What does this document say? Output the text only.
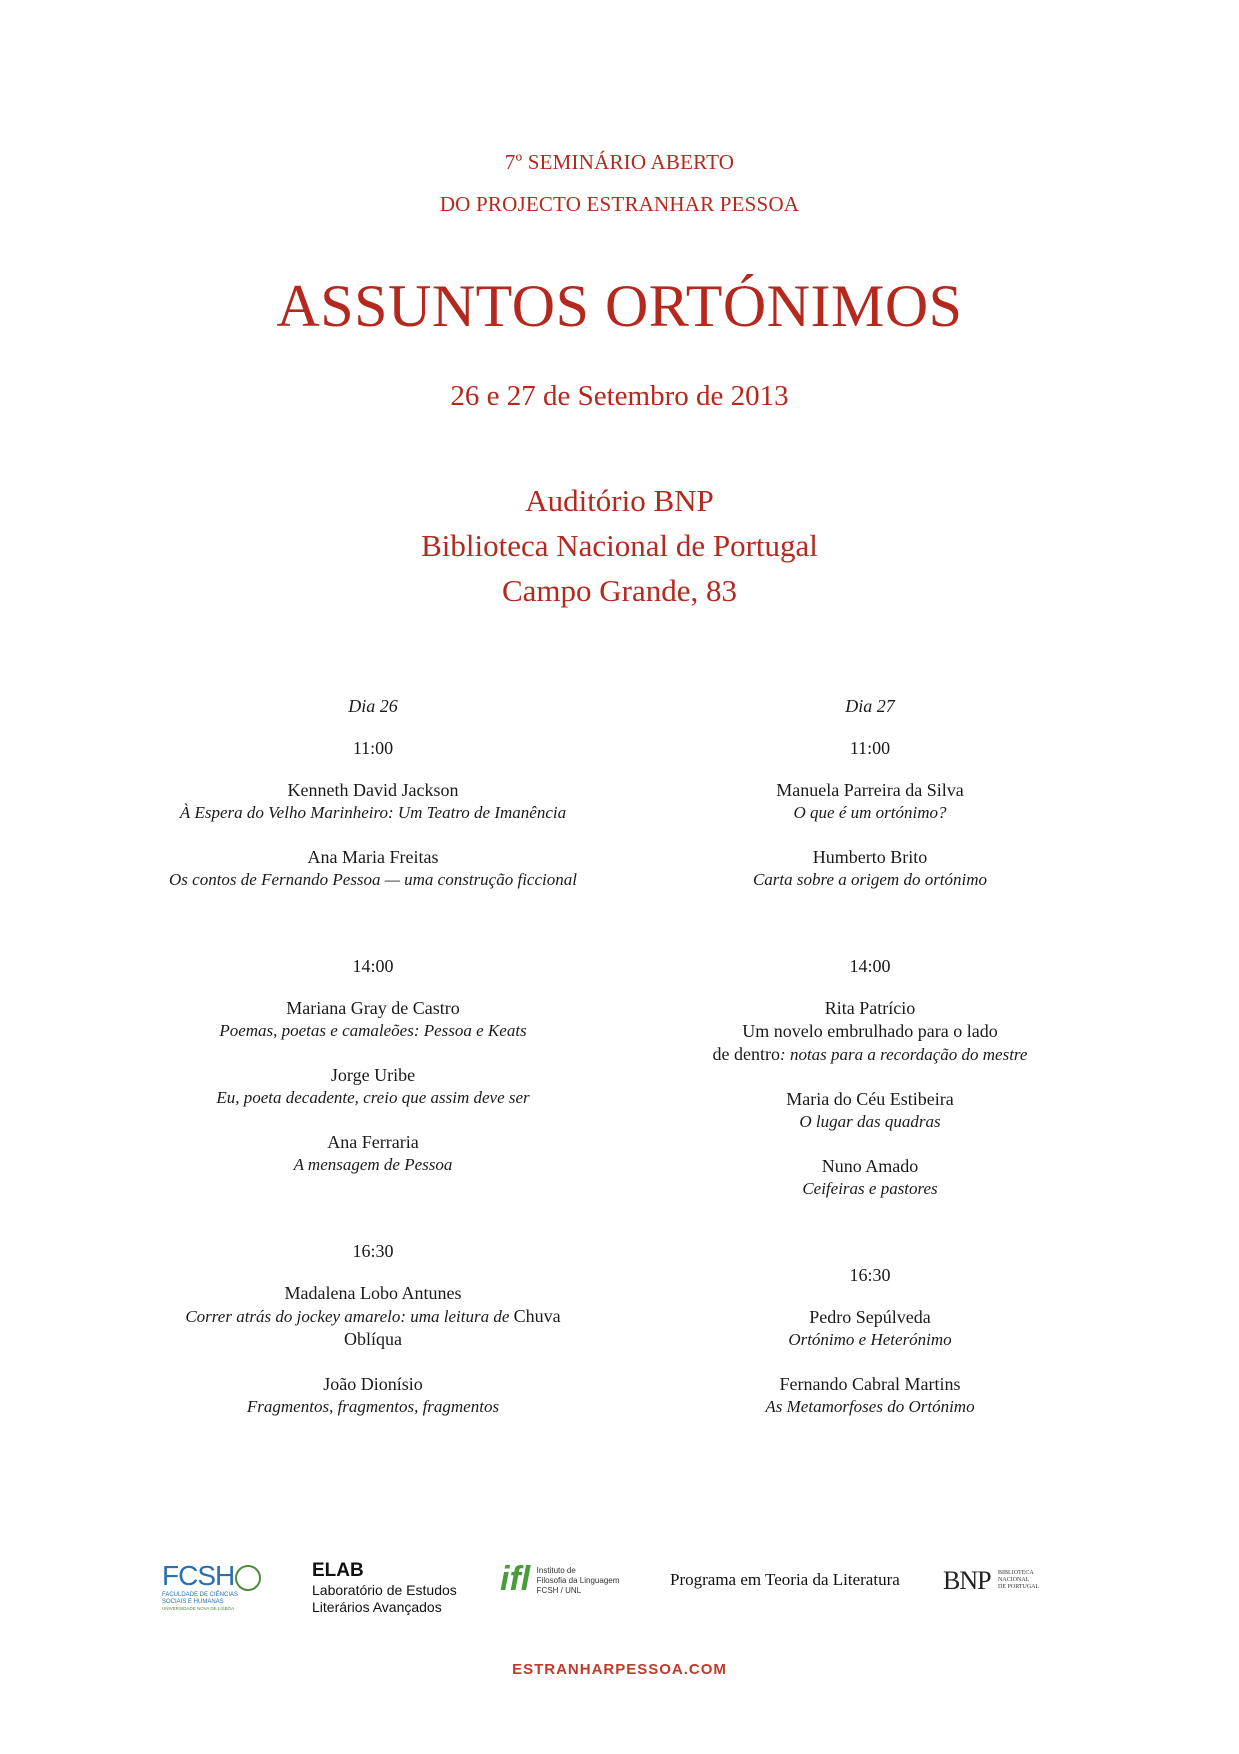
7º SEMINÁRIO ABERTO
DO PROJECTO ESTRANHAR PESSOA
ASSUNTOS ORTÓNIMOS
26 e 27 de Setembro de 2013
Auditório BNP
Biblioteca Nacional de Portugal
Campo Grande, 83
Dia 26
11:00
Kenneth David Jackson
À Espera do Velho Marinheiro: Um Teatro de Imanência
Ana Maria Freitas
Os contos de Fernando Pessoa — uma construção ficcional
14:00
Mariana Gray de Castro
Poemas, poetas e camaleões: Pessoa e Keats
Jorge Uribe
Eu, poeta decadente, creio que assim deve ser
Ana Ferraria
A mensagem de Pessoa
16:30
Madalena Lobo Antunes
Correr atrás do jockey amarelo: uma leitura de Chuva Oblíqua
João Dionísio
Fragmentos, fragmentos, fragmentos
Dia 27
11:00
Manuela Parreira da Silva
O que é um ortónimo?
Humberto Brito
Carta sobre a origem do ortónimo
14:00
Rita Patrício
Um novelo embrulhado para o lado
de dentro: notas para a recordação do mestre
Maria do Céu Estibeira
O lugar das quadras
Nuno Amado
Ceifeiras e pastores
16:30
Pedro Sepúlveda
Ortónimo e Heterónimo
Fernando Cabral Martins
As Metamorfoses do Ortónimo
FCSH
FACULDADE DE CIÊNCIAS
SOCIAIS E HUMANAS
UNIVERSIDADE NOVA DE LISBOA
ELAB
Laboratório de Estudos
Literários Avançados
ifl Instituto de
Filosofia da Linguagem
FCSH / UNL
Programa em Teoria da Literatura BNP BIBLIOTECA
NACIONAL
DE PORTUGAL
ESTRANHARPESSOA.COM
